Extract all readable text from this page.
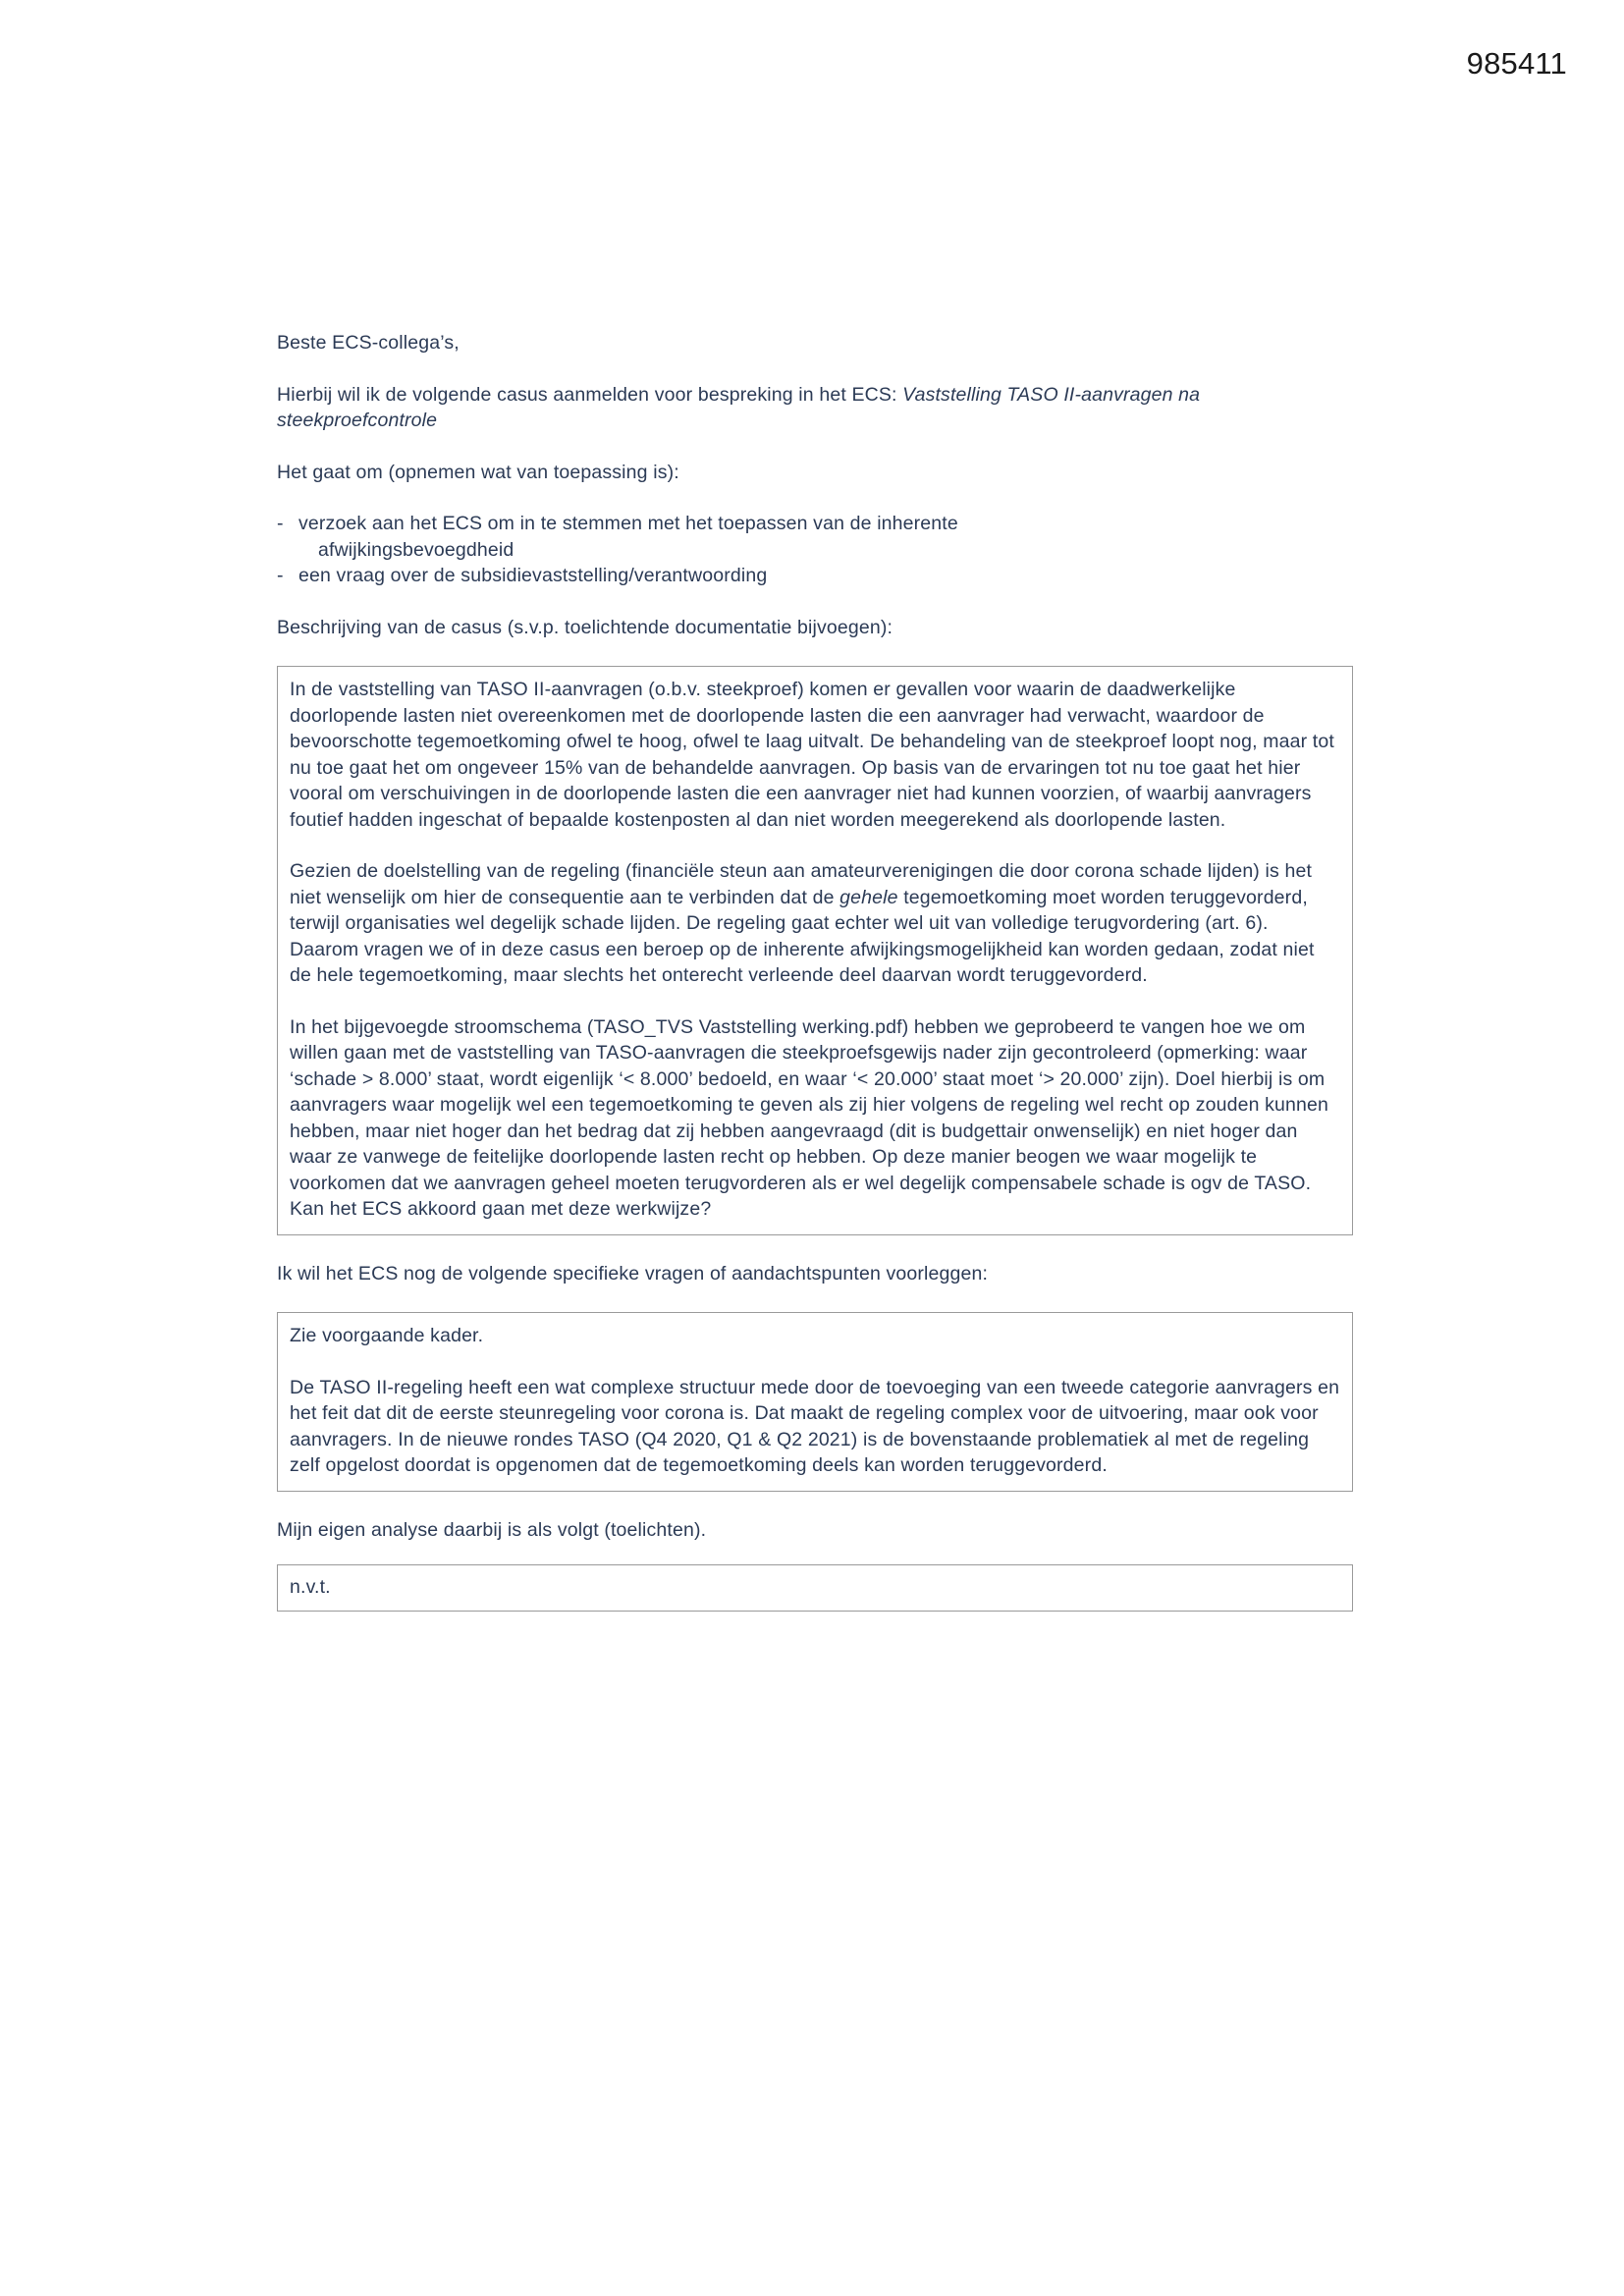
985411

Beste ECS-collega’s,

Hierbij wil ik de volgende casus aanmelden voor bespreking in het ECS: Vaststelling TASO II-aanvragen na steekproefcontrole

Het gaat om (opnemen wat van toepassing is):

- verzoek aan het ECS om in te stemmen met het toepassen van de inherente
afwijkingsbevoegdheid
- een vraag over de subsidievaststelling/verantwoording

Beschrijving van de casus (s.v.p. toelichtende documentatie bijvoegen):

In de vaststelling van TASO II-aanvragen (o.b.v. steekproef) komen er gevallen voor waarin de daadwerkelijke doorlopende lasten niet overeenkomen met de doorlopende lasten die een aanvrager had verwacht, waardoor de bevoorschotte tegemoetkoming ofwel te hoog, ofwel te laag uitvalt. De behandeling van de steekproef loopt nog, maar tot nu toe gaat het om ongeveer 15% van de behandelde aanvragen. Op basis van de ervaringen tot nu toe gaat het hier vooral om verschuivingen in de doorlopende lasten die een aanvrager niet had kunnen voorzien, of waarbij aanvragers foutief hadden ingeschat of bepaalde kostenposten al dan niet worden meegerekend als doorlopende lasten.

Gezien de doelstelling van de regeling (financiële steun aan amateurverenigingen die door corona schade lijden) is het niet wenselijk om hier de consequentie aan te verbinden dat de gehele tegemoetkoming moet worden teruggevorderd, terwijl organisaties wel degelijk schade lijden. De regeling gaat echter wel uit van volledige terugvordering (art. 6). Daarom vragen we of in deze casus een beroep op de inherente afwijkingsmogelijkheid kan worden gedaan, zodat niet de hele tegemoetkoming, maar slechts het onterecht verleende deel daarvan wordt teruggevorderd.

In het bijgevoegde stroomschema (TASO_TVS Vaststelling werking.pdf) hebben we geprobeerd te vangen hoe we om willen gaan met de vaststelling van TASO-aanvragen die steekproefsgewijs nader zijn gecontroleerd (opmerking: waar ‘schade > 8.000’ staat, wordt eigenlijk ‘< 8.000’ bedoeld, en waar ‘< 20.000’ staat moet ‘> 20.000’ zijn). Doel hierbij is om aanvragers waar mogelijk wel een tegemoetkoming te geven als zij hier volgens de regeling wel recht op zouden kunnen hebben, maar niet hoger dan het bedrag dat zij hebben aangevraagd (dit is budgettair onwenselijk) en niet hoger dan waar ze vanwege de feitelijke doorlopende lasten recht op hebben. Op deze manier beogen we waar mogelijk te voorkomen dat we aanvragen geheel moeten terugvorderen als er wel degelijk compensabele schade is ogv de TASO. Kan het ECS akkoord gaan met deze werkwijze?

Ik wil het ECS nog de volgende specifieke vragen of aandachtspunten voorleggen:

Zie voorgaande kader.

De TASO II-regeling heeft een wat complexe structuur mede door de toevoeging van een tweede categorie aanvragers en het feit dat dit de eerste steunregeling voor corona is. Dat maakt de regeling complex voor de uitvoering, maar ook voor aanvragers. In de nieuwe rondes TASO (Q4 2020, Q1 & Q2 2021) is de bovenstaande problematiek al met de regeling zelf opgelost doordat is opgenomen dat de tegemoetkoming deels kan worden teruggevorderd.

Mijn eigen analyse daarbij is als volgt (toelichten).

n.v.t.
